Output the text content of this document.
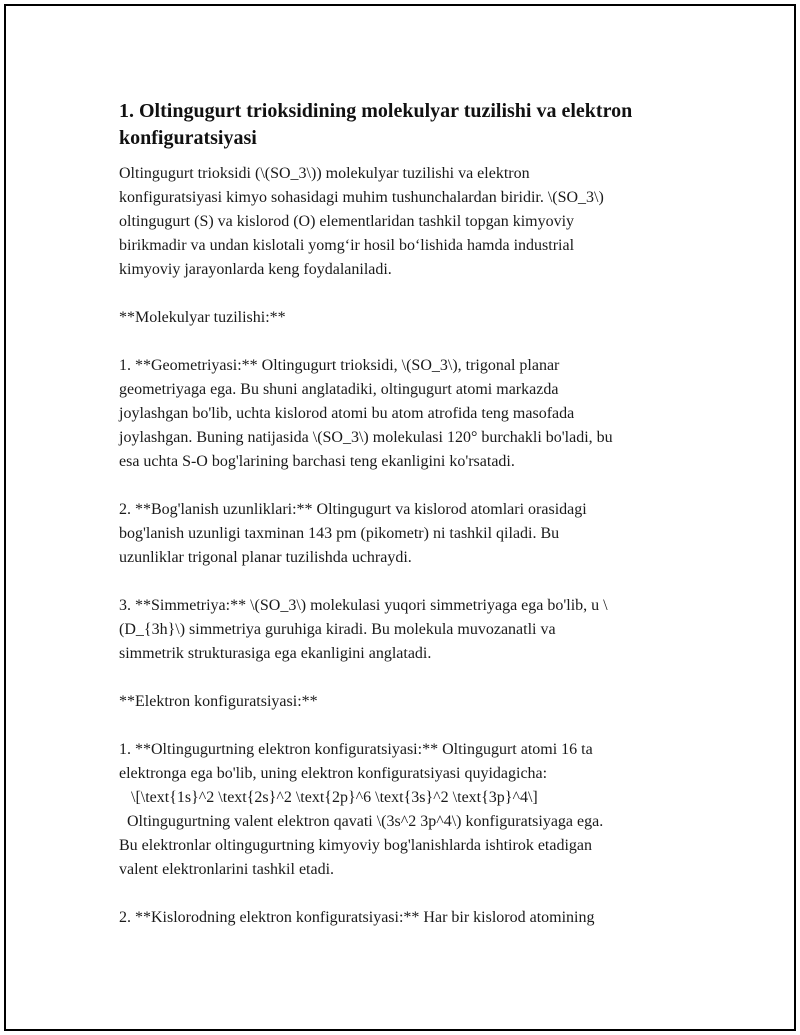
1. Oltingugurt trioksidining molekulyar tuzilishi va elektron
konfiguratsiyasi

Oltingugurt trioksidi (\(SO_3\)) molekulyar tuzilishi va elektron
konfiguratsiyasi kimyo sohasidagi muhim tushunchalardan biridir. \(SO_3\)
oltingugurt (S) va kislorod (O) elementlaridan tashkil topgan kimyoviy
birikmadir va undan kislotali yomg‘ir hosil bo‘lishida hamda industrial
kimyoviy jarayonlarda keng foydalaniladi.

**Molekulyar tuzilishi:**

1. **Geometriyasi:** Oltingugurt trioksidi, \(SO_3\), trigonal planar
geometriyaga ega. Bu shuni anglatadiki, oltingugurt atomi markazda
joylashgan bo'lib, uchta kislorod atomi bu atom atrofida teng masofada
joylashgan. Buning natijasida \(SO_3\) molekulasi 120° burchakli bo'ladi, bu
esa uchta S-O bog'larining barchasi teng ekanligini ko'rsatadi.

2. **Bog'lanish uzunliklari:** Oltingugurt va kislorod atomlari orasidagi
bog'lanish uzunligi taxminan 143 pm (pikometr) ni tashkil qiladi. Bu
uzunliklar trigonal planar tuzilishda uchraydi.

3. **Simmetriya:** \(SO_3\) molekulasi yuqori simmetriyaga ega bo'lib, u \
(D_{3h}\) simmetriya guruhiga kiradi. Bu molekula muvozanatli va
simmetrik strukturasiga ega ekanligini anglatadi.

**Elektron konfiguratsiyasi:**

1. **Oltingugurtning elektron konfiguratsiyasi:** Oltingugurt atomi 16 ta
elektronga ega bo'lib, uning elektron konfiguratsiyasi quyidagicha:
\[\text{1s}^2 \text{2s}^2 \text{2p}^6 \text{3s}^2 \text{3p}^4\]
Oltingugurtning valent elektron qavati \(3s^2 3p^4\) konfiguratsiyaga ega.
Bu elektronlar oltingugurtning kimyoviy bog'lanishlarda ishtirok etadigan
valent elektronlarini tashkil etadi.

2. **Kislorodning elektron konfiguratsiyasi:** Har bir kislorod atomining
